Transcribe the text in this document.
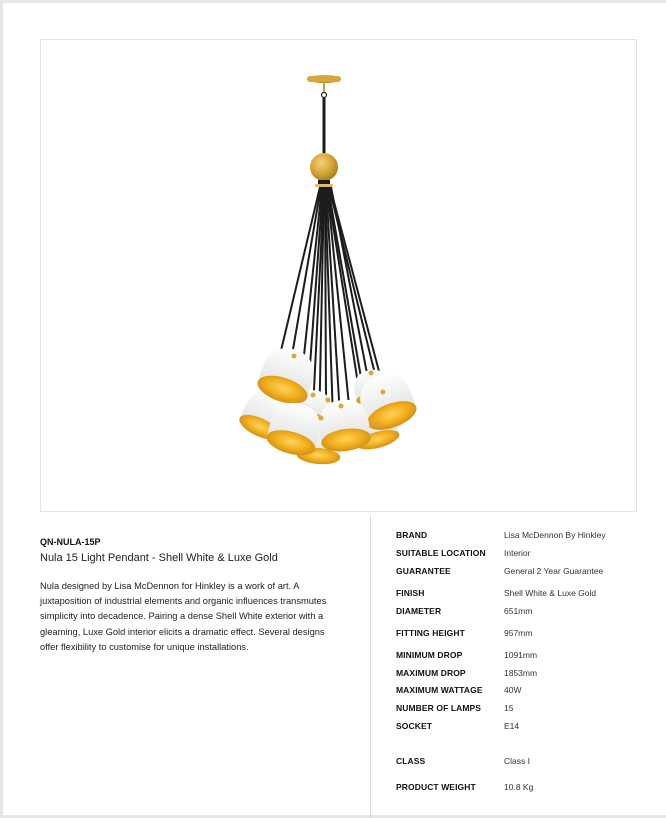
QN-NULA-15P

Nula 15 Light Pendant - Shell White & Luxe Gold

Nula designed by Lisa McDennon for Hinkley is a work of art. A juxtaposition of industrial elements and organic influences transmutes simplicity into decadence. Pairing a dense Shell White exterior with a gleaming, Luxe Gold interior elicits a dramatic effect. Several designs offer flexibility to customise for unique installations.

BRAND	Lisa McDennon By Hinkley
SUITABLE LOCATION Interior
GUARANTEE	General 2 Year Guarantee
FINISH	Shell White & Luxe Gold
DIAMETER	651mm
FITTING HEIGHT	957mm
MINIMUM DROP	1091mm
MAXIMUM DROP	1853mm
MAXIMUM WATTAGE	40W
NUMBER OF LAMPS	15
SOCKET	E14
CLASS	Class I
PRODUCT WEIGHT	10.8 Kg
